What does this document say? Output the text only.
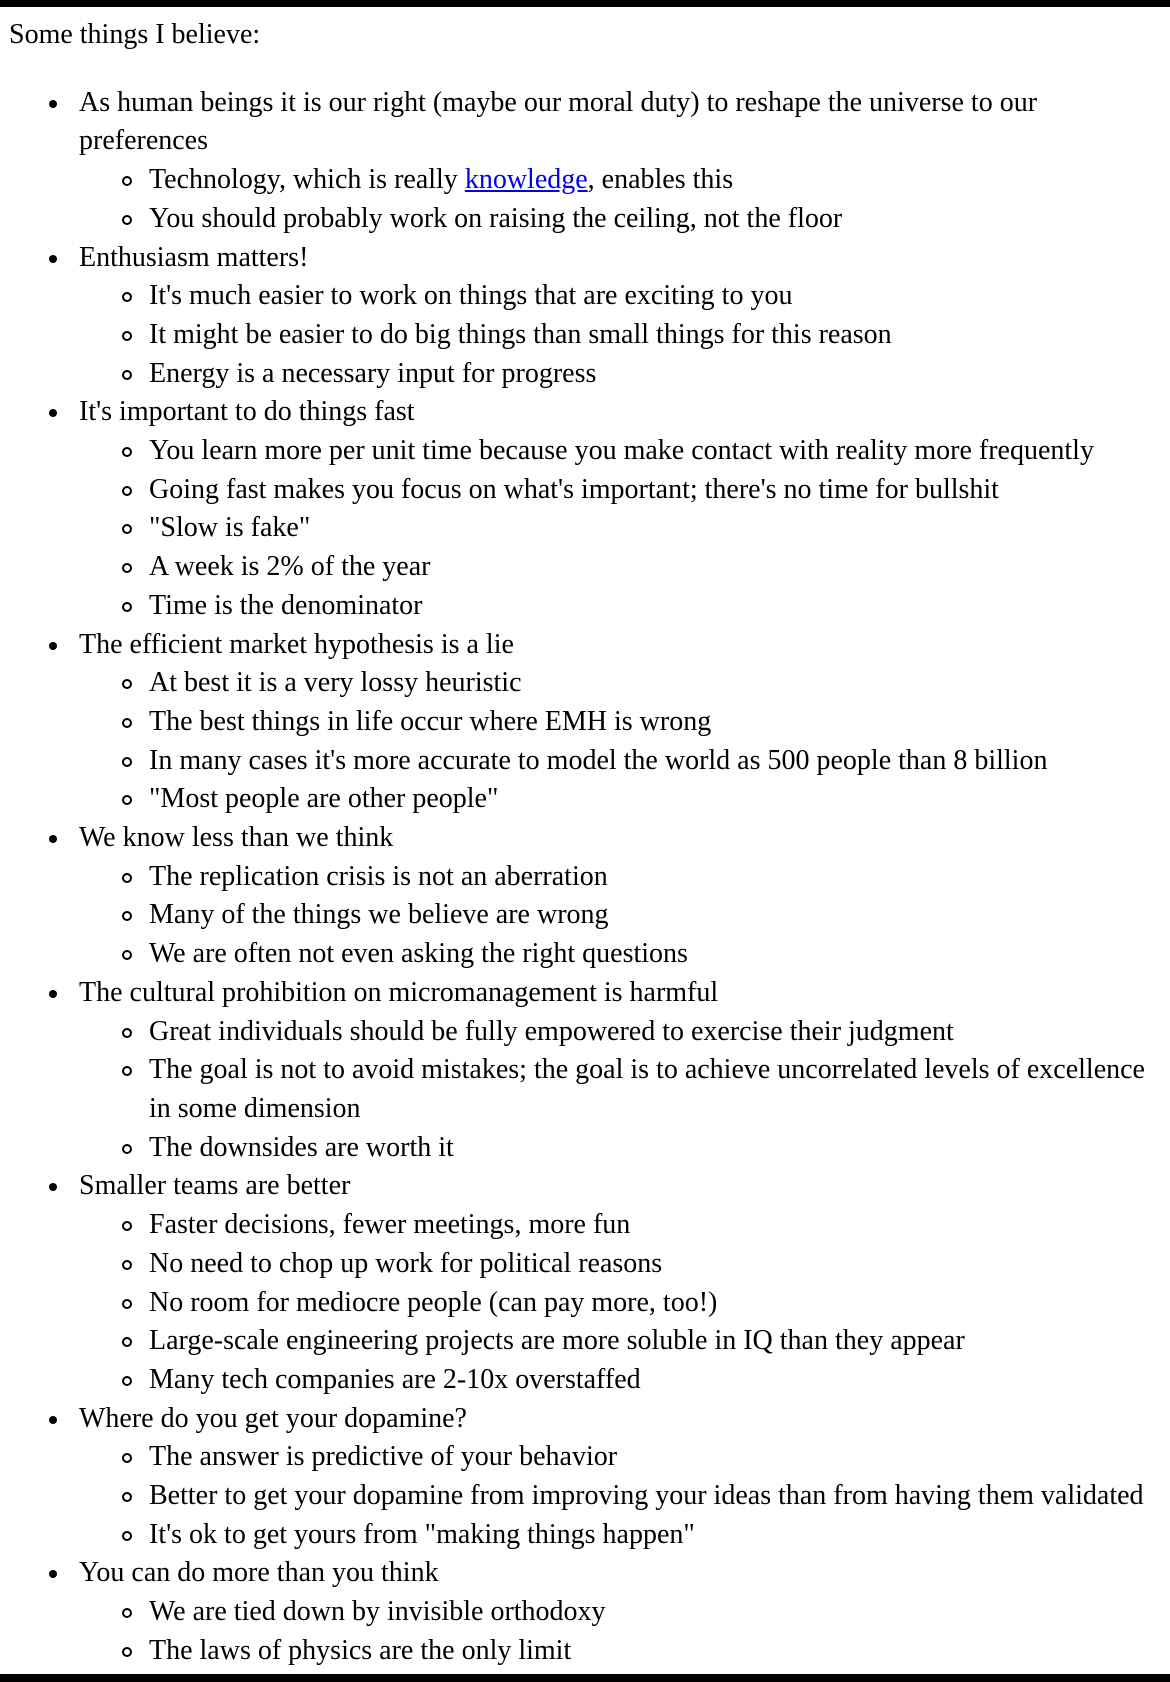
Some things I believe:

As human beings it is our right (maybe our moral duty) to reshape the universe to our preferences
Technology, which is really knowledge, enables this
You should probably work on raising the ceiling, not the floor
Enthusiasm matters!
It's much easier to work on things that are exciting to you
It might be easier to do big things than small things for this reason
Energy is a necessary input for progress
It's important to do things fast
You learn more per unit time because you make contact with reality more frequently
Going fast makes you focus on what's important; there's no time for bullshit
"Slow is fake"
A week is 2% of the year
Time is the denominator
The efficient market hypothesis is a lie
At best it is a very lossy heuristic
The best things in life occur where EMH is wrong
In many cases it's more accurate to model the world as 500 people than 8 billion
"Most people are other people"
We know less than we think
The replication crisis is not an aberration
Many of the things we believe are wrong
We are often not even asking the right questions
The cultural prohibition on micromanagement is harmful
Great individuals should be fully empowered to exercise their judgment
The goal is not to avoid mistakes; the goal is to achieve uncorrelated levels of excellence in some dimension
The downsides are worth it
Smaller teams are better
Faster decisions, fewer meetings, more fun
No need to chop up work for political reasons
No room for mediocre people (can pay more, too!)
Large-scale engineering projects are more soluble in IQ than they appear
Many tech companies are 2-10x overstaffed
Where do you get your dopamine?
The answer is predictive of your behavior
Better to get your dopamine from improving your ideas than from having them validated
It's ok to get yours from "making things happen"
You can do more than you think
We are tied down by invisible orthodoxy
The laws of physics are the only limit
